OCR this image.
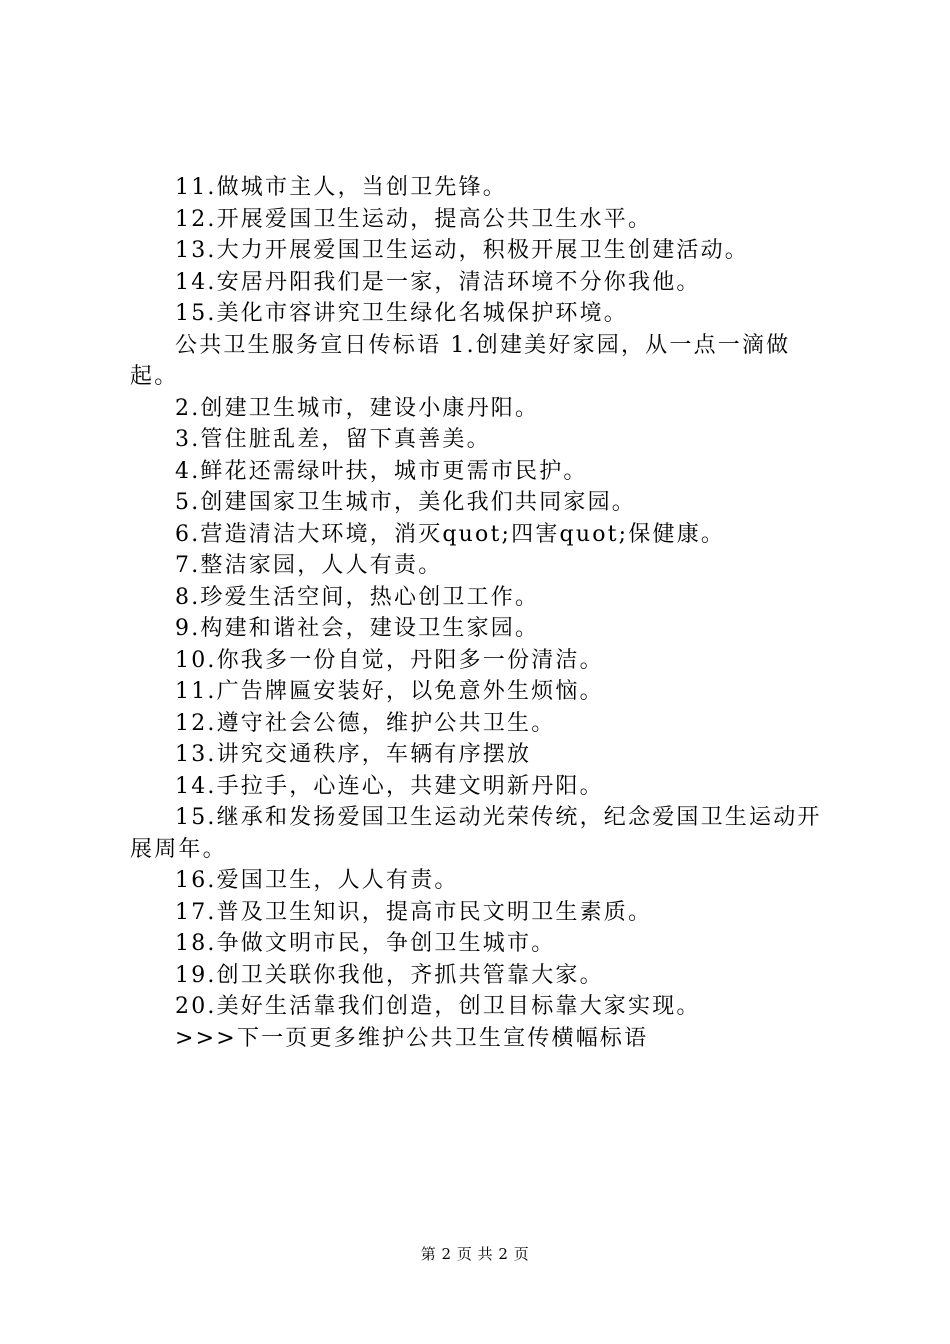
11.做城市主人，当创卫先锋。

12.开展爱国卫生运动，提高公共卫生水平。

13.大力开展爱国卫生运动，积极开展卫生创建活动。

14.安居丹阳我们是一家，清洁环境不分你我他。

15.美化市容讲究卫生绿化名城保护环境。

公共卫生服务宣日传标语 1.创建美好家园，从一点一滴做起。

2.创建卫生城市，建设小康丹阳。

3.管住脏乱差，留下真善美。

4.鲜花还需绿叶扶，城市更需市民护。

5.创建国家卫生城市，美化我们共同家园。

6.营造清洁大环境，消灭quot;四害quot;保健康。

7.整洁家园，人人有责。

8.珍爱生活空间，热心创卫工作。

9.构建和谐社会，建设卫生家园。

10.你我多一份自觉，丹阳多一份清洁。

11.广告牌匾安装好，以免意外生烦恼。

12.遵守社会公德，维护公共卫生。

13.讲究交通秩序，车辆有序摆放

14.手拉手，心连心，共建文明新丹阳。

15.继承和发扬爱国卫生运动光荣传统，纪念爱国卫生运动开展周年。

16.爱国卫生，人人有责。

17.普及卫生知识，提高市民文明卫生素质。

18.争做文明市民，争创卫生城市。

19.创卫关联你我他，齐抓共管靠大家。

20.美好生活靠我们创造，创卫目标靠大家实现。

>>>下一页更多维护公共卫生宣传横幅标语

第 2 页 共 2 页
